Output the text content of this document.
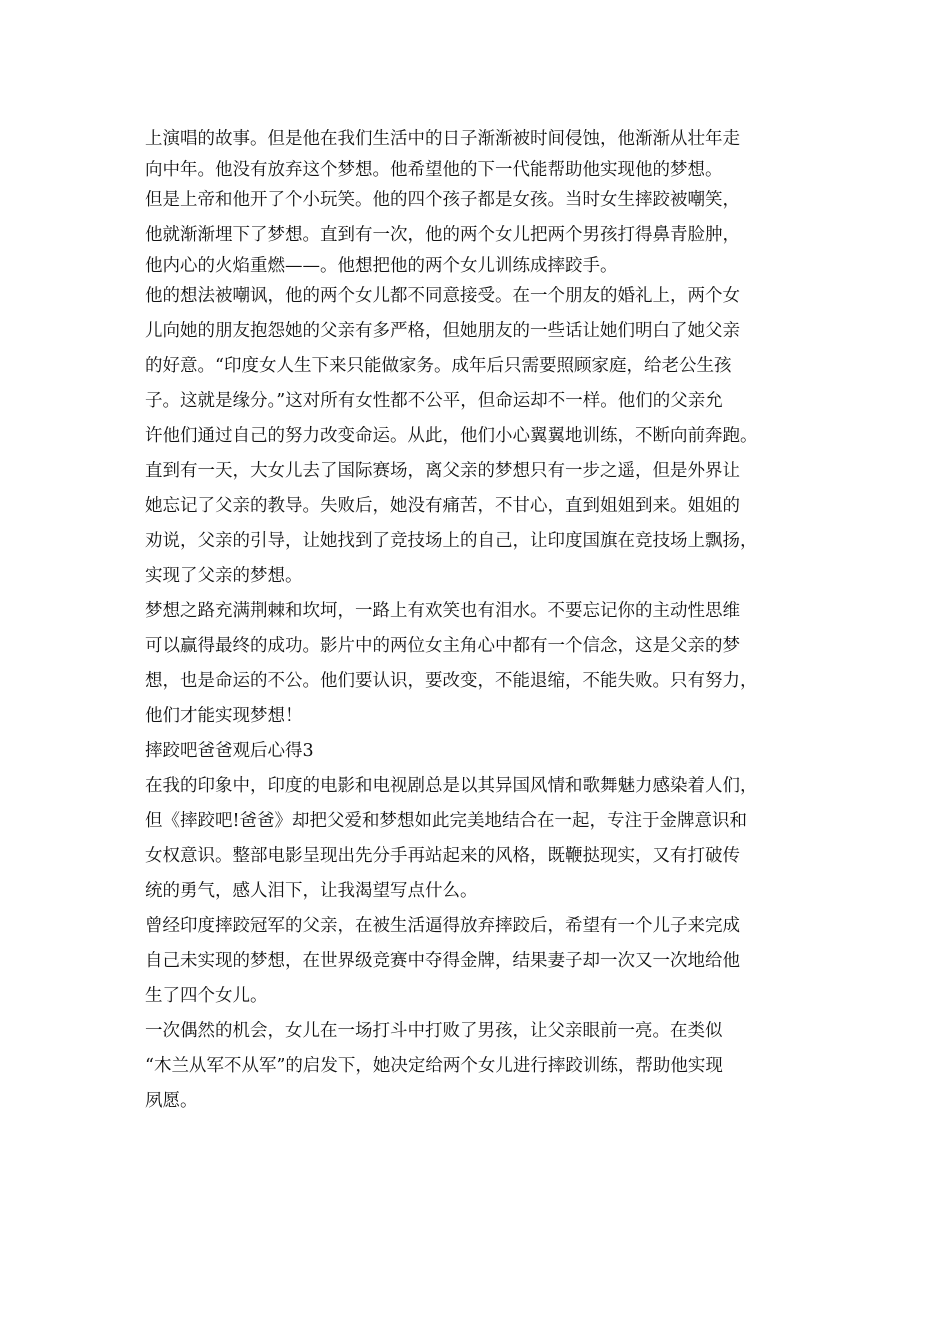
上演唱的故事。但是他在我们生活中的日子渐渐被时间侵蚀，他渐渐从壮年走
向中年。他没有放弃这个梦想。他希望他的下一代能帮助他实现他的梦想。

但是上帝和他开了个小玩笑。他的四个孩子都是女孩。当时女生摔跤被嘲笑，
他就渐渐埋下了梦想。直到有一次，他的两个女儿把两个男孩打得鼻青脸肿，
他内心的火焰重燃——。他想把他的两个女儿训练成摔跤手。

他的想法被嘲讽，他的两个女儿都不同意接受。在一个朋友的婚礼上，两个女
儿向她的朋友抱怨她的父亲有多严格，但她朋友的一些话让她们明白了她父亲
的好意。“印度女人生下来只能做家务。成年后只需要照顾家庭，给老公生孩
子。这就是缘分。”这对所有女性都不公平，但命运却不一样。他们的父亲允
许他们通过自己的努力改变命运。从此，他们小心翼翼地训练，不断向前奔跑。

直到有一天，大女儿去了国际赛场，离父亲的梦想只有一步之遥，但是外界让
她忘记了父亲的教导。失败后，她没有痛苦，不甘心，直到姐姐到来。姐姐的
劝说，父亲的引导，让她找到了竞技场上的自己，让印度国旗在竞技场上飘扬，
实现了父亲的梦想。

梦想之路充满荆棘和坎坷，一路上有欢笑也有泪水。不要忘记你的主动性思维
可以赢得最终的成功。影片中的两位女主角心中都有一个信念，这是父亲的梦
想，也是命运的不公。他们要认识，要改变，不能退缩，不能失败。只有努力，
他们才能实现梦想！

摔跤吧爸爸观后心得3

在我的印象中，印度的电影和电视剧总是以其异国风情和歌舞魅力感染着人们，
但《摔跤吧!爸爸》却把父爱和梦想如此完美地结合在一起，专注于金牌意识和
女权意识。整部电影呈现出先分手再站起来的风格，既鞭挞现实，又有打破传
统的勇气，感人泪下，让我渴望写点什么。

曾经印度摔跤冠军的父亲，在被生活逼得放弃摔跤后，希望有一个儿子来完成
自己未实现的梦想，在世界级竞赛中夺得金牌，结果妻子却一次又一次地给他
生了四个女儿。

一次偶然的机会，女儿在一场打斗中打败了男孩，让父亲眼前一亮。在类似
“木兰从军不从军”的启发下，她决定给两个女儿进行摔跤训练，帮助他实现
夙愿。
